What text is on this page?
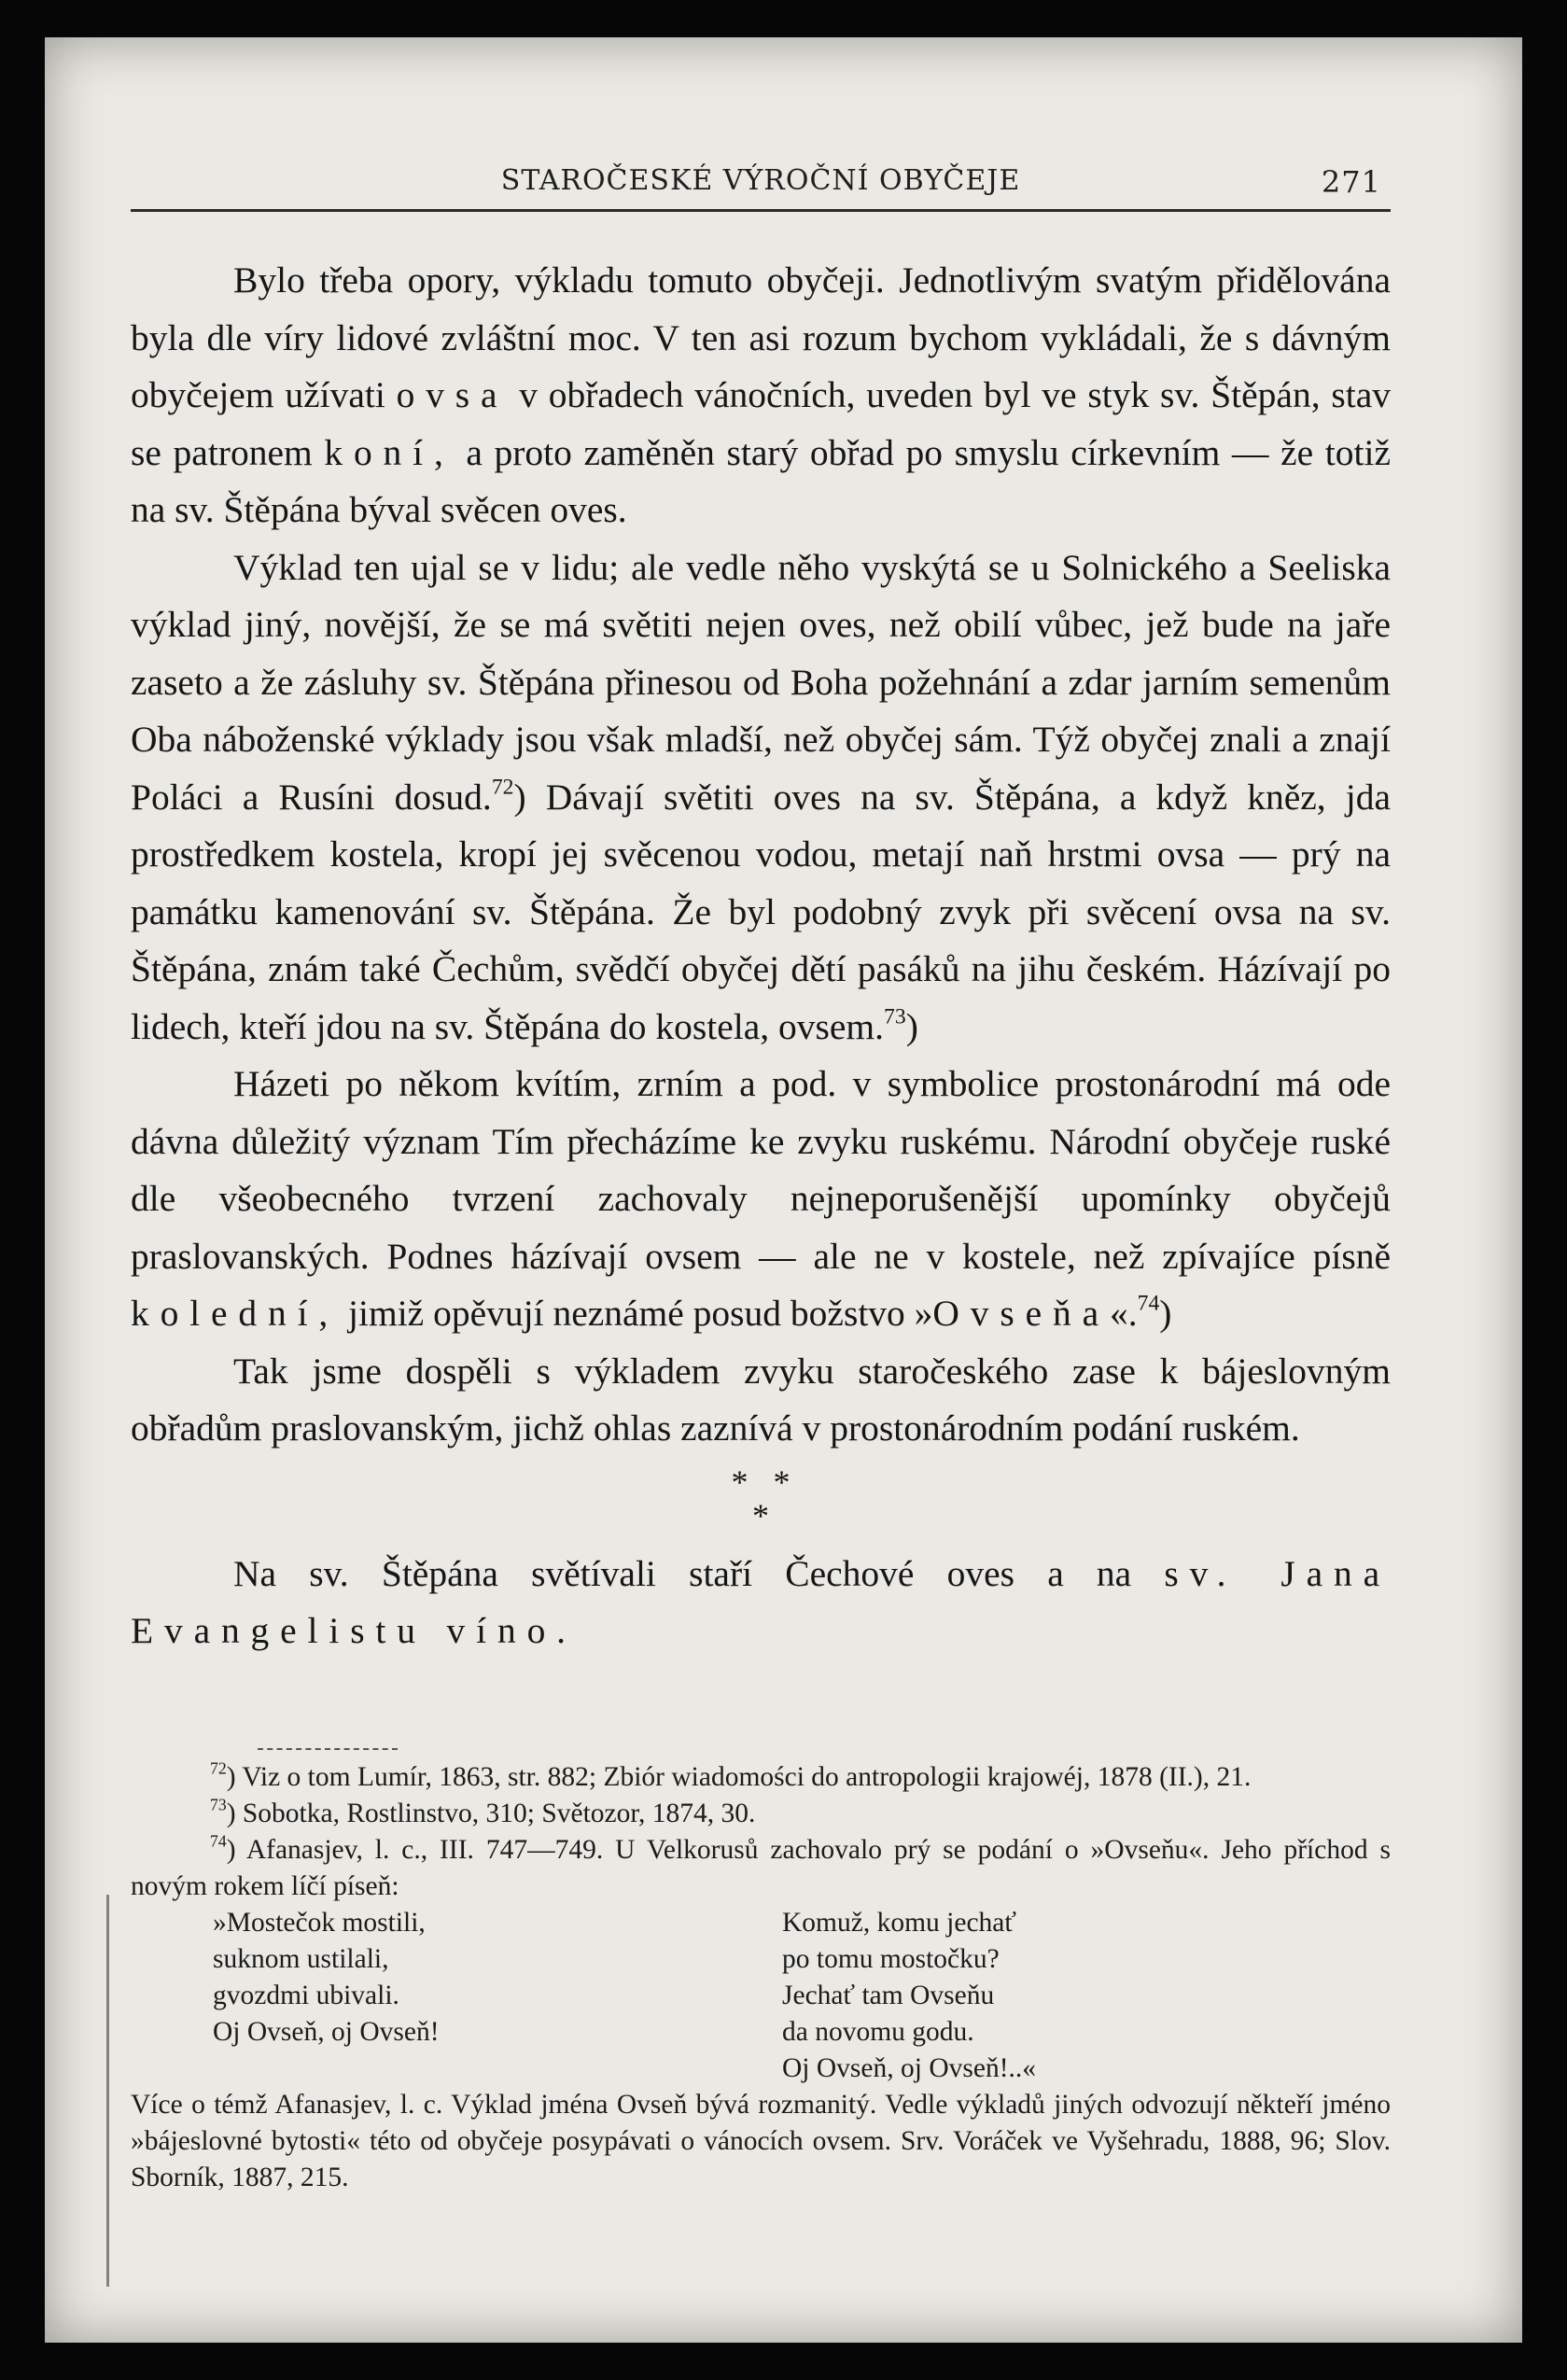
STAROČESKÉ VÝROČNÍ OBYČEJE	271

Bylo třeba opory, výkladu tomuto obyčeji. Jednotlivým svatým přidělována byla dle víry lidové zvláštní moc. V ten asi rozum bychom vykládali, že s dávným obyčejem užívati ovsa v obřadech vánočních, uveden byl ve styk sv. Štěpán, stav se patronem koní, a proto zaměněn starý obřad po smyslu církevním — že totiž na sv. Štěpána býval svěcen oves.

Výklad ten ujal se v lidu; ale vedle něho vyskýtá se u Solnického a Seeliska výklad jiný, novější, že se má světiti nejen oves, než obilí vůbec, jež bude na jaře zaseto a že zásluhy sv. Štěpána přinesou od Boha požehnání a zdar jarním semenům Oba náboženské výklady jsou však mladší, než obyčej sám. Týž obyčej znali a znají Poláci a Rusíni dosud.$^{72}$) Dávají světiti oves na sv. Štěpána, a když kněz, jda prostředkem kostela, kropí jej svěcenou vodou, metají naň hrstmi ovsa — prý na památku kamenování sv. Štěpána. Že byl podobný zvyk při svěcení ovsa na sv. Štěpána, znám také Čechům, svědčí obyčej dětí pasáků na jihu českém. Házívají po lidech, kteří jdou na sv. Štěpána do kostela, ovsem.$^{73}$)

Házeti po někom kvítím, zrním a pod. v symbolice prostonárodní má ode dávna důležitý význam Tím přecházíme ke zvyku ruskému. Národní obyčeje ruské dle všeobecného tvrzení zachovaly nejneporušenější upomínky obyčejů praslovanských. Podnes házívají ovsem — ale ne v kostele, než zpívajíce písně kolední, jimiž opěvují neznámé posud božstvo »Ovseňa«.$^{74}$)

Tak jsme dospěli s výkladem zvyku staročeského zase k bájeslovným obřadům praslovanským, jichž ohlas zaznívá v prostonárodním podání ruském.

*   *
*

Na sv. Štěpána světívali staří Čechové oves a na sv. Jana Evangelistu víno.

$^{72}$) Viz o tom Lumír, 1863, str. 882; Zbiór wiadomości do antropologii krajowéj, 1878 (II.), 21.

$^{73}$) Sobotka, Rostlinstvo, 310; Světozor, 1874, 30.

$^{74}$) Afanasjev, l. c., III. 747—749. U Velkorusů zachovalo prý se podání o »Ovseňu«. Jeho příchod s novým rokem líčí píseň:

»Mostečok mostili,
suknom ustilali,
gvozdmi ubivali.
Oj Ovseň, oj Ovseň!
Komuž, komu jechať
po tomu mostočku?
Jechať tam Ovseňu
da novomu godu.
Oj Ovseň, oj Ovseň!..«

Více o témž Afanasjev, l. c. Výklad jména Ovseň bývá rozmanitý. Vedle výkladů jiných odvozují někteří jméno »bájeslovné bytosti« této od obyčeje posypávati o vánocích ovsem. Srv. Voráček ve Vyšehradu, 1888, 96; Slov. Sborník, 1887, 215.
